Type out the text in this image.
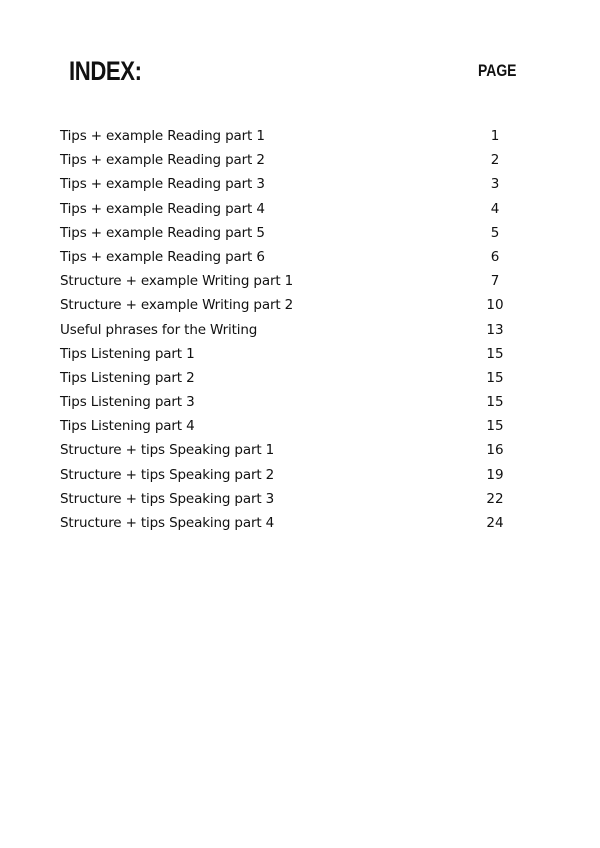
INDEX:	PAGE
Tips + example Reading part 1	1
Tips + example Reading part 2	2
Tips + example Reading part 3	3
Tips + example Reading part 4	4
Tips + example Reading part 5	5
Tips + example Reading part 6	6
Structure + example Writing part 1	7
Structure + example Writing part 2	10
Useful phrases for the Writing	13
Tips Listening part 1	15
Tips Listening part 2	15
Tips Listening part 3	15
Tips Listening part 4	15
Structure + tips Speaking part 1	16
Structure + tips Speaking part 2	19
Structure + tips Speaking part 3	22
Structure + tips Speaking part 4	24
